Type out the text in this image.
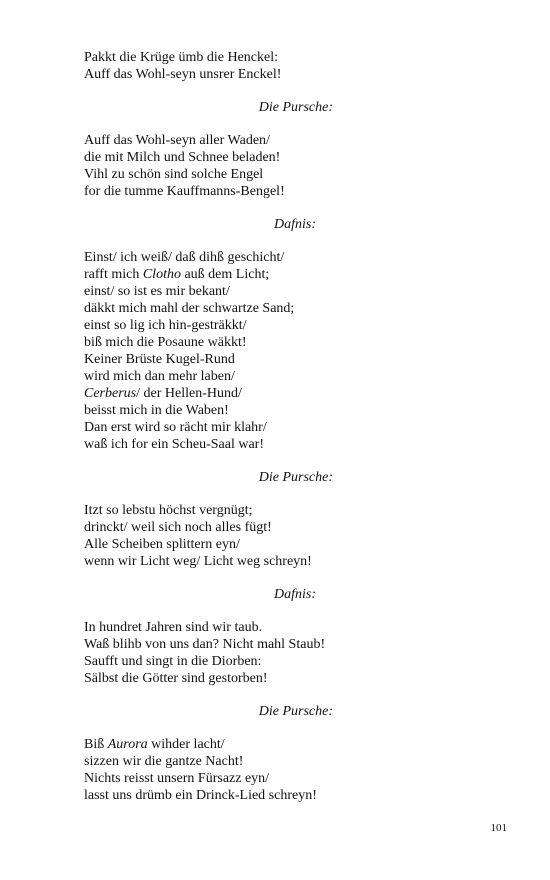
Pakkt die Krüge ümb die Henckel:
Auff das Wohl-seyn unsrer Enckel!
Die Pursche:
Auff das Wohl-seyn aller Waden/
die mit Milch und Schnee beladen!
Vihl zu schön sind solche Engel
for die tumme Kauffmanns-Bengel!
Dafnis:
Einst/ ich weiß/ daß dihß geschicht/
rafft mich Clotho auß dem Licht;
einst/ so ist es mir bekant/
däkkt mich mahl der schwartze Sand;
einst so lig ich hin-gesträkkt/
biß mich die Posaune wäkkt!
Keiner Brüste Kugel-Rund
wird mich dan mehr laben/
Cerberus/ der Hellen-Hund/
beisst mich in die Waben!
Dan erst wird so rächt mir klahr/
waß ich for ein Scheu-Saal war!
Die Pursche:
Itzt so lebstu höchst vergnügt;
drinckt/ weil sich noch alles fügt!
Alle Scheiben splittern eyn/
wenn wir Licht weg/ Licht weg schreyn!
Dafnis:
In hundret Jahren sind wir taub.
Waß blihb von uns dan? Nicht mahl Staub!
Saufft und singt in die Diorben:
Sälbst die Götter sind gestorben!
Die Pursche:
Biß Aurora wihder lacht/
sizzen wir die gantze Nacht!
Nichts reisst unsern Fürsazz eyn/
lasst uns drümb ein Drinck-Lied schreyn!
101
